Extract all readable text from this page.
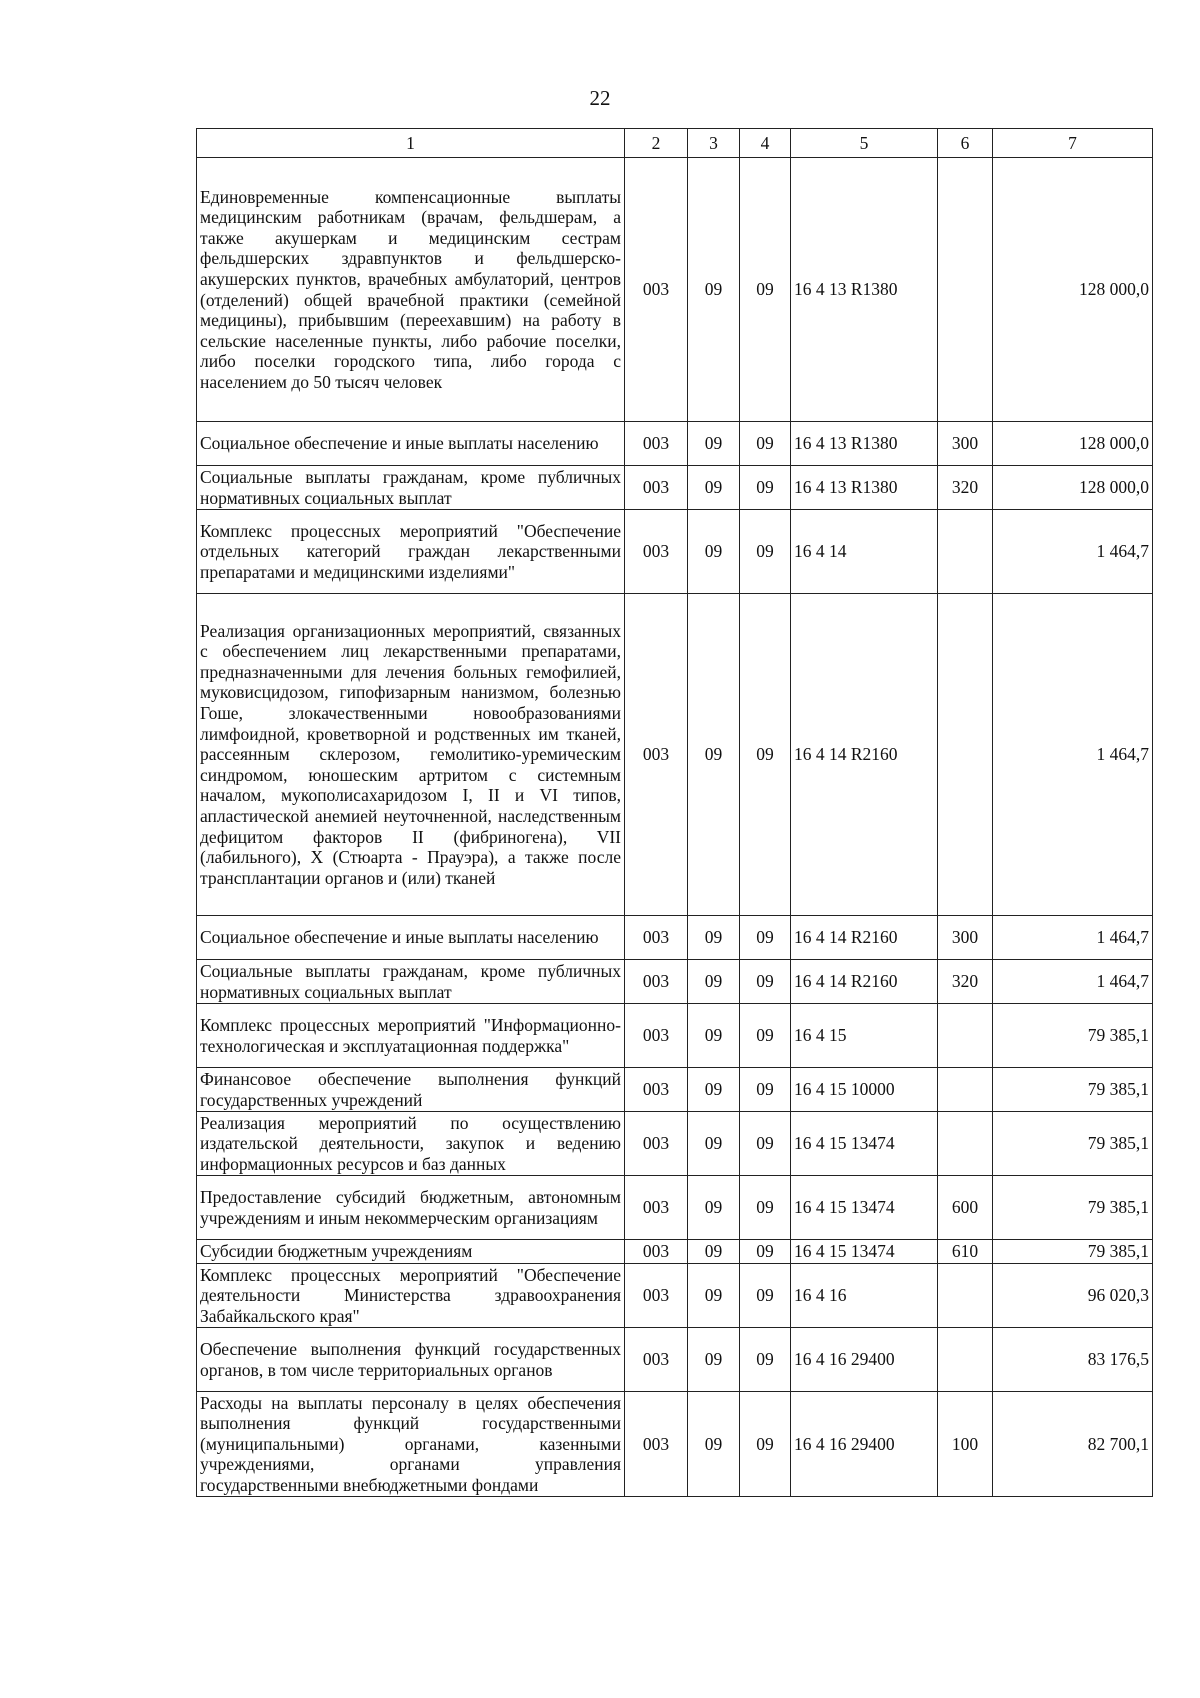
22
1	2	3	4	5	6	7
Единовременные компенсационные выплаты медицинским работникам (врачам, фельдшерам, а также акушеркам и медицинским сестрам фельдшерских здравпунктов и фельдшерско-акушерских пунктов, врачебных амбулаторий, центров (отделений) общей врачебной практики (семейной медицины), прибывшим (переехавшим) на работу в сельские населенные пункты, либо рабочие поселки, либо поселки городского типа, либо города с населением до 50 тысяч человек	003	09	09	16 4 13 R1380		128 000,0
Социальное обеспечение и иные выплаты населению	003	09	09	16 4 13 R1380	300	128 000,0
Социальные выплаты гражданам, кроме публичных нормативных социальных выплат	003	09	09	16 4 13 R1380	320	128 000,0
Комплекс процессных мероприятий "Обеспечение отдельных категорий граждан лекарственными препаратами и медицинскими изделиями"	003	09	09	16 4 14		1 464,7
Реализация организационных мероприятий, связанных с обеспечением лиц лекарственными препаратами, предназначенными для лечения больных гемофилией, муковисцидозом, гипофизарным нанизмом, болезнью Гоше, злокачественными новообразованиями лимфоидной, кроветворной и родственных им тканей, рассеянным склерозом, гемолитико-уремическим синдромом, юношеским артритом с системным началом, мукополисахаридозом I, II и VI типов, апластической анемией неуточненной, наследственным дефицитом факторов II (фибриногена), VII (лабильного), X (Стюарта - Прауэра), а также после трансплантации органов и (или) тканей	003	09	09	16 4 14 R2160		1 464,7
Социальное обеспечение и иные выплаты населению	003	09	09	16 4 14 R2160	300	1 464,7
Социальные выплаты гражданам, кроме публичных нормативных социальных выплат	003	09	09	16 4 14 R2160	320	1 464,7
Комплекс процессных мероприятий "Информационно-технологическая и эксплуатационная поддержка"	003	09	09	16 4 15		79 385,1
Финансовое обеспечение выполнения функций государственных учреждений	003	09	09	16 4 15 10000		79 385,1
Реализация мероприятий по осуществлению издательской деятельности, закупок и ведению информационных ресурсов и баз данных	003	09	09	16 4 15 13474		79 385,1
Предоставление субсидий бюджетным, автономным учреждениям и иным некоммерческим организациям	003	09	09	16 4 15 13474	600	79 385,1
Субсидии бюджетным учреждениям	003	09	09	16 4 15 13474	610	79 385,1
Комплекс процессных мероприятий "Обеспечение деятельности Министерства здравоохранения Забайкальского края"	003	09	09	16 4 16		96 020,3
Обеспечение выполнения функций государственных органов, в том числе территориальных органов	003	09	09	16 4 16 29400		83 176,5
Расходы на выплаты персоналу в целях обеспечения выполнения функций государственными (муниципальными) органами, казенными учреждениями, органами управления государственными внебюджетными фондами	003	09	09	16 4 16 29400	100	82 700,1
